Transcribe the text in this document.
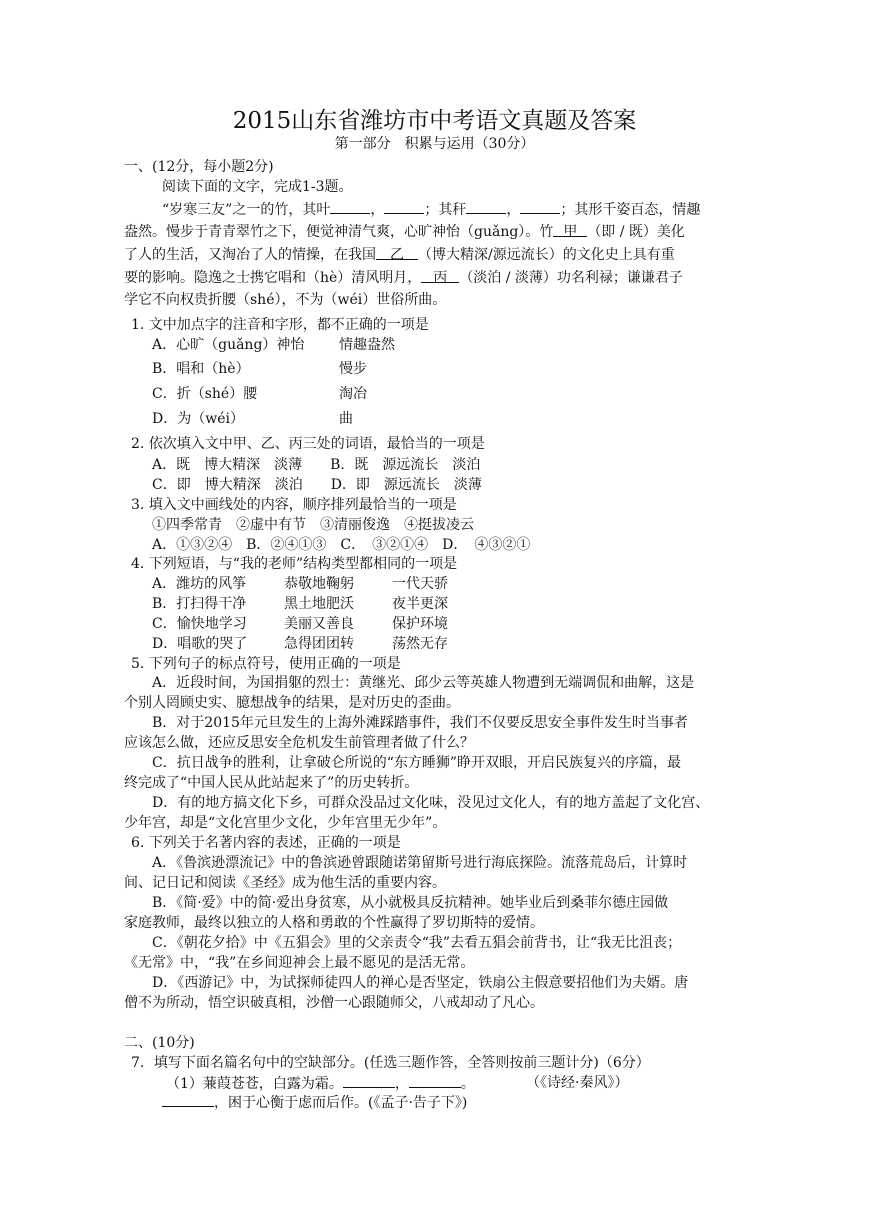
2015山东省潍坊市中考语文真题及答案
第一部分　积累与运用（30分）
一、(12分，每小题2分)
阅读下面的文字，完成1-3题。
“岁寒三友”之一的竹，其叶	，	；其秆	，	；其形千姿百态，情趣
盎然。慢步于青青翠竹之下，便觉神清气爽，心旷神怡（guǎng）。竹 甲 （即 / 既）美化
了人的生活，又淘冶了人的情操，在我国 乙 （博大精深/源远流长）的文化史上具有重
要的影响。隐逸之士携它唱和（hè）清风明月， 丙 （淡泊 / 淡薄）功名利禄；谦谦君子
学它不向权贵折腰（shé），不为（wéi）世俗所曲。
1. 文中加点字的注音和字形，都不正确的一项是
A．心旷（guǎng）神怡 情趣盎然
B．唱和（hè）	慢步
C．折（shé）腰	淘冶
D．为（wéi）	曲
2. 依次填入文中甲、乙、丙三处的词语，最恰当的一项是
A．既　博大精深　淡薄　　B．既　源远流长　淡泊
C．即　博大精深　淡泊　　D．即　源远流长　淡薄
3. 填入文中画线处的内容，顺序排列最恰当的一项是
①四季常青　②虚中有节　③清丽俊逸　④挺拔凌云
A．①③②④　B．②④①③　C．　③②①④　D．　④③②①
4. 下列短语，与“我的老师”结构类型都相同的一项是
A．潍坊的风筝	恭敬地鞠躬	一代天骄
B．打扫得干净	黑土地肥沃	夜半更深
C．愉快地学习	美丽又善良	保护环境
D．唱歌的哭了	急得团团转	荡然无存
5. 下列句子的标点符号，使用正确的一项是
A．近段时间，为国捐躯的烈士：黄继光、邱少云等英雄人物遭到无端调侃和曲解，这是
个别人罔顾史实、臆想战争的结果，是对历史的歪曲。
B．对于2015年元旦发生的上海外滩踩踏事件，我们不仅要反思安全事件发生时当事者
应该怎么做，还应反思安全危机发生前管理者做了什么？
C．抗日战争的胜利，让拿破仑所说的“东方睡狮”睁开双眼，开启民族复兴的序篇，最
终完成了“中国人民从此站起来了”的历史转折。
D．有的地方搞文化下乡，可群众没品过文化味，没见过文化人，有的地方盖起了文化宫、
少年宫，却是“文化宫里少文化，少年宫里无少年”。
6. 下列关于名著内容的表述，正确的一项是
A．《鲁滨逊漂流记》中的鲁滨逊曾跟随诺第留斯号进行海底探险。流落荒岛后，计算时
间、记日记和阅读《圣经》成为他生活的重要内容。
B．《简·爱》中的简·爱出身贫寒，从小就极具反抗精神。她毕业后到桑菲尔德庄园做
家庭教师，最终以独立的人格和勇敢的个性赢得了罗切斯特的爱情。
C．《朝花夕拾》中《五猖会》里的父亲责令“我”去看五猖会前背书，让“我无比沮丧；
《无常》中，“我”在乡间迎神会上最不愿见的是活无常。
D．《西游记》中，为试探师徒四人的禅心是否坚定，铁扇公主假意要招他们为夫婿。唐
僧不为所动，悟空识破真相，沙僧一心跟随师父，八戒却动了凡心。
二、(10分)
7．填写下面名篇名句中的空缺部分。(任选三题作答，全答则按前三题计分)（6分）
（1）蒹葭苍苍，白露为霜。	，	。	（《诗经·秦风》）
，困于心衡于虑而后作。(《孟子·告子下》)
